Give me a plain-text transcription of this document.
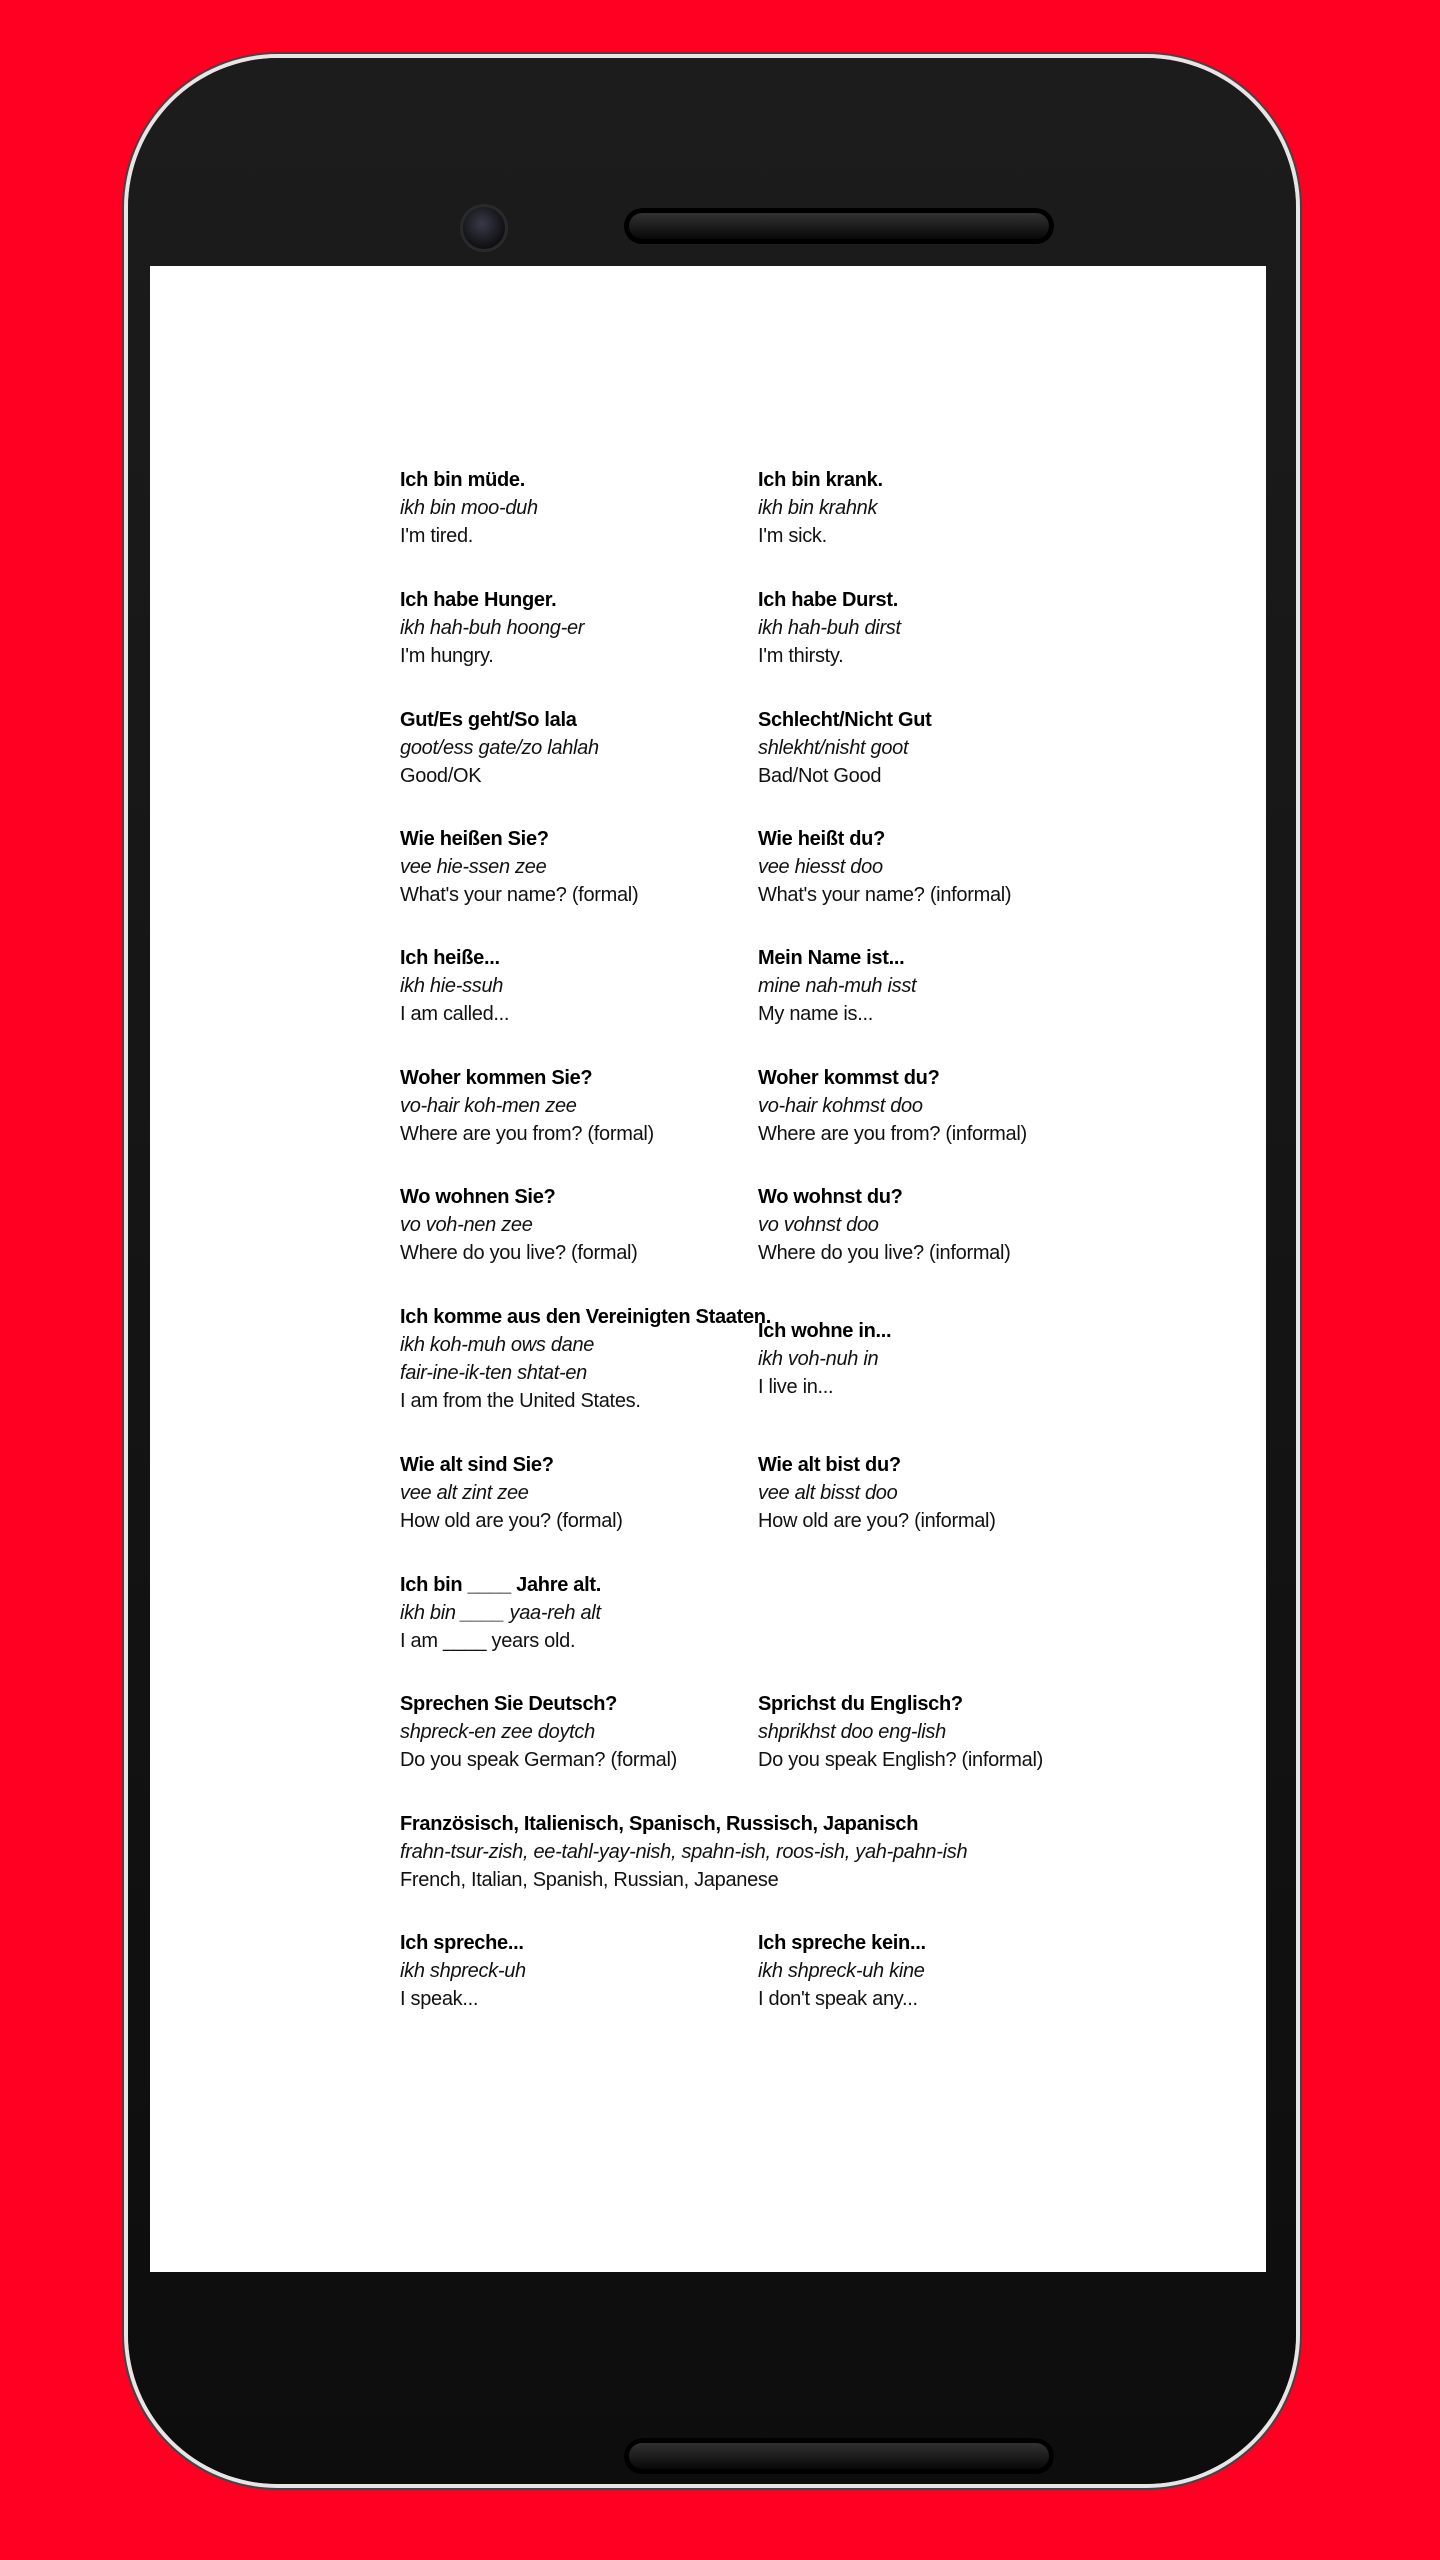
Ich bin müde.
ikh bin moo-duh
I'm tired.
Ich bin krank.
ikh bin krahnk
I'm sick.
Ich habe Hunger.
ikh hah-buh hoong-er
I'm hungry.
Ich habe Durst.
ikh hah-buh dirst
I'm thirsty.
Gut/Es geht/So lala
goot/ess gate/zo lahlah
Good/OK
Schlecht/Nicht Gut
shlekht/nisht goot
Bad/Not Good
Wie heißen Sie?
vee hie-ssen zee
What's your name? (formal)
Wie heißt du?
vee hiesst doo
What's your name? (informal)
Ich heiße...
ikh hie-ssuh
I am called...
Mein Name ist...
mine nah-muh isst
My name is...
Woher kommen Sie?
vo-hair koh-men zee
Where are you from? (formal)
Woher kommst du?
vo-hair kohmst doo
Where are you from? (informal)
Wo wohnen Sie?
vo voh-nen zee
Where do you live? (formal)
Wo wohnst du?
vo vohnst doo
Where do you live? (informal)
Ich komme aus den Vereinigten Staaten.
ikh koh-muh ows dane
fair-ine-ik-ten shtat-en
I am from the United States.
Ich wohne in...
ikh voh-nuh in
I live in...
Wie alt sind Sie?
vee alt zint zee
How old are you? (formal)
Wie alt bist du?
vee alt bisst doo
How old are you? (informal)
Ich bin ____ Jahre alt.
ikh bin ____ yaa-reh alt
I am ____ years old.
Sprechen Sie Deutsch?
shpreck-en zee doytch
Do you speak German? (formal)
Sprichst du Englisch?
shprikhst doo eng-lish
Do you speak English? (informal)
Französisch, Italienisch, Spanisch, Russisch, Japanisch
frahn-tsur-zish, ee-tahl-yay-nish, spahn-ish, roos-ish, yah-pahn-ish
French, Italian, Spanish, Russian, Japanese
Ich spreche...
ikh shpreck-uh
I speak...
Ich spreche kein...
ikh shpreck-uh kine
I don't speak any...
